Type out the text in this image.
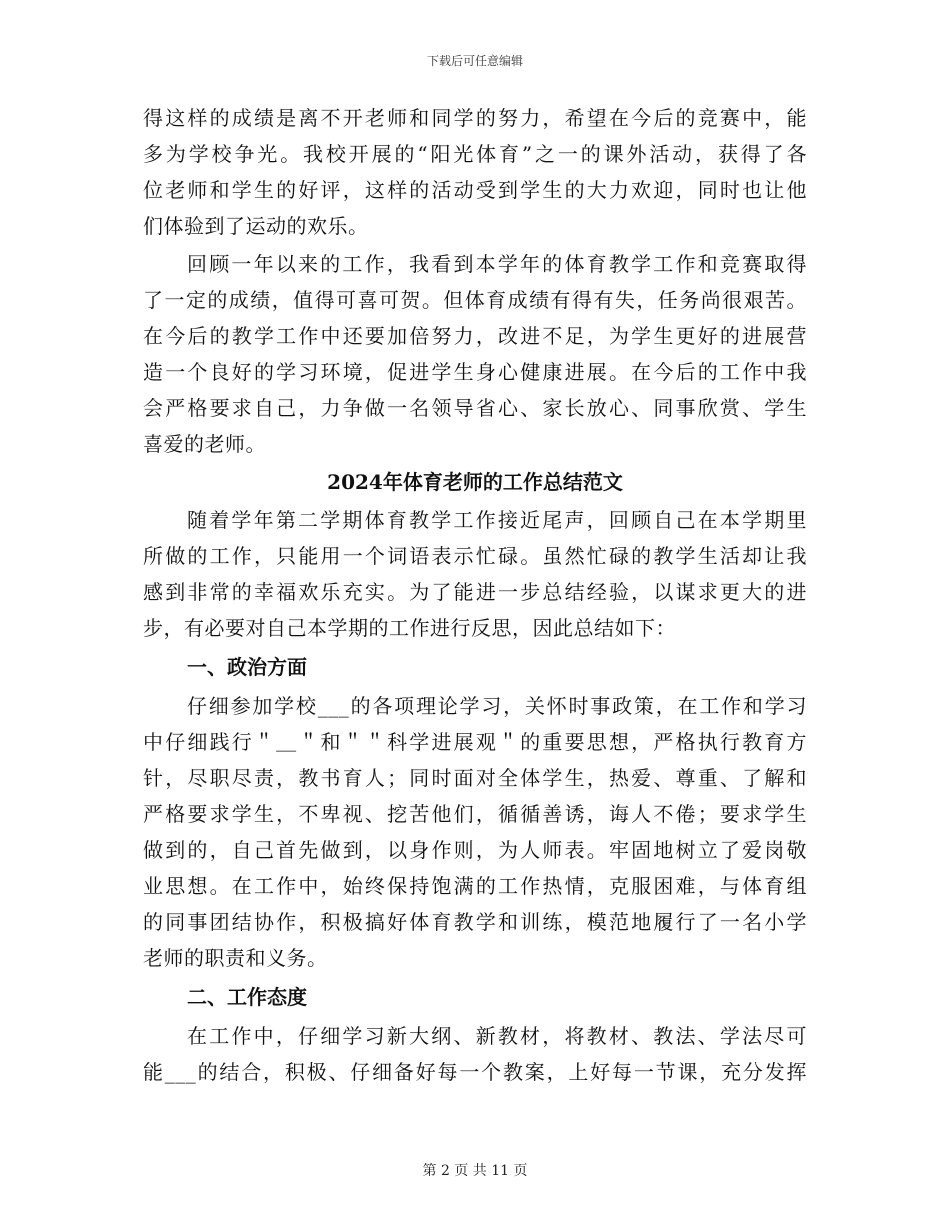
下载后可任意编辑
得这样的成绩是离不开老师和同学的努力，希望在今后的竞赛中，能
多为学校争光。我校开展的“阳光体育”之一的课外活动，获得了各
位老师和学生的好评，这样的活动受到学生的大力欢迎，同时也让他
们体验到了运动的欢乐。
回顾一年以来的工作，我看到本学年的体育教学工作和竞赛取得
了一定的成绩，值得可喜可贺。但体育成绩有得有失，任务尚很艰苦。
在今后的教学工作中还要加倍努力，改进不足，为学生更好的进展营
造一个良好的学习环境，促进学生身心健康进展。在今后的工作中我
会严格要求自己，力争做一名领导省心、家长放心、同事欣赏、学生
喜爱的老师。
2024年体育老师的工作总结范文
随着学年第二学期体育教学工作接近尾声，回顾自己在本学期里
所做的工作，只能用一个词语表示忙碌。虽然忙碌的教学生活却让我
感到非常的幸福欢乐充实。为了能进一步总结经验，以谋求更大的进
步，有必要对自己本学期的工作进行反思，因此总结如下：
一、政治方面
仔细参加学校___的各项理论学习，关怀时事政策，在工作和学习
中仔细践行＂＿＂和＂＂科学进展观＂的重要思想，严格执行教育方
针，尽职尽责，教书育人；同时面对全体学生，热爱、尊重、了解和
严格要求学生，不卑视、挖苦他们，循循善诱，诲人不倦；要求学生
做到的，自己首先做到，以身作则，为人师表。牢固地树立了爱岗敬
业思想。在工作中，始终保持饱满的工作热情，克服困难，与体育组
的同事团结协作，积极搞好体育教学和训练，模范地履行了一名小学
老师的职责和义务。
二、工作态度
在工作中，仔细学习新大纲、新教材，将教材、教法、学法尽可
能___的结合，积极、仔细备好每一个教案，上好每一节课，充分发挥
第 2 页 共 11 页
